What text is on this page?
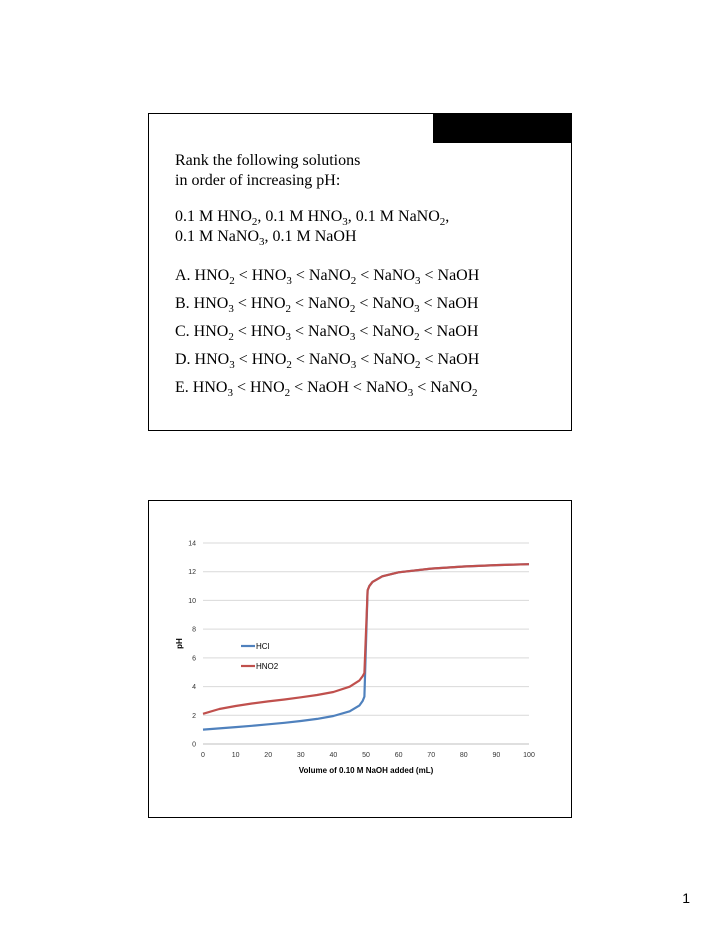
Rank the following solutions
in order of increasing pH:
0.1 M $HNO_2$, 0.1 M $HNO_3$, 0.1 M NaNO$_2$,
0.1 M NaNO$_3$, 0.1 M NaOH
A. $HNO_2 < HNO_3$ < NaNO$_2$ < NaNO$_3$ < NaOH
B. $HNO_3 < HNO_2$ < NaNO$_2$ < NaNO$_3$ < NaOH
C. $HNO_2 < HNO_3$ < NaNO$_3$ < NaNO$_2$ < NaOH
D. $HNO_3 < HNO_2$ < NaNO$_3$ < NaNO$_2$ < NaOH
E. $HNO_3 < HNO_2$ < NaOH < NaNO$_3$ < NaNO$_2$
0
2
4
6
8
10
12
14
0	10	20	30	40	50	60	70	80	90	100
HCl
HNO2
pH
Volume of 0.10 M NaOH added (mL)
1
